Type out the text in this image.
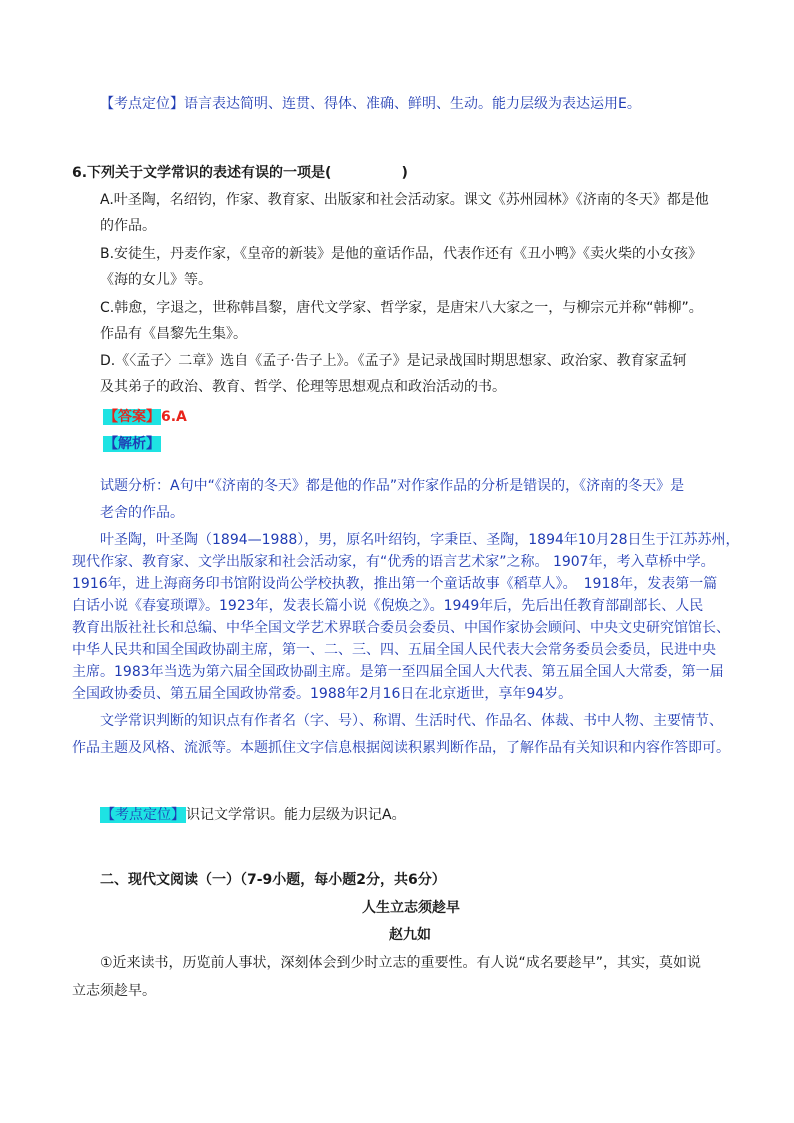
【考点定位】语言表达简明、连贯、得体、准确、鲜明、生动。能力层级为表达运用E。
6.下列关于文学常识的表述有误的一项是(　　　　　)
A.叶圣陶，名绍钧，作家、教育家、出版家和社会活动家。课文《苏州园林》《济南的冬天》都是他
的作品。
B.安徒生，丹麦作家，《皇帝的新装》是他的童话作品，代表作还有《丑小鸭》《卖火柴的小女孩》
《海的女儿》等。
C.韩愈，字退之，世称韩昌黎，唐代文学家、哲学家，是唐宋八大家之一，与柳宗元并称“韩柳”。
作品有《昌黎先生集》。
D.《〈孟子〉二章》选自《孟子·告子上》。《孟子》是记录战国时期思想家、政治家、教育家孟轲
及其弟子的政治、教育、哲学、伦理等思想观点和政治活动的书。
【答案】6.A
【解析】
试题分析：A句中“《济南的冬天》都是他的作品”对作家作品的分析是错误的，《济南的冬天》是
老舍的作品。
叶圣陶，叶圣陶（1894—1988），男，原名叶绍钧，字秉臣、圣陶，1894年10月28日生于江苏苏州，
现代作家、教育家、文学出版家和社会活动家，有“优秀的语言艺术家”之称。 1907年，考入草桥中学。
1916年，进上海商务印书馆附设尚公学校执教，推出第一个童话故事《稻草人》。　1918年，发表第一篇
白话小说《春宴琐谭》。1923年，发表长篇小说《倪焕之》。1949年后，先后出任教育部副部长、人民
教育出版社社长和总编、中华全国文学艺术界联合委员会委员、中国作家协会顾问、中央文史研究馆馆长、
中华人民共和国全国政协副主席，第一、二、三、四、五届全国人民代表大会常务委员会委员，民进中央
主席。1983年当选为第六届全国政协副主席。是第一至四届全国人大代表、第五届全国人大常委，第一届
全国政协委员、第五届全国政协常委。1988年2月16日在北京逝世，享年94岁。
文学常识判断的知识点有作者名（字、号）、称谓、生活时代、作品名、体裁、书中人物、主要情节、
作品主题及风格、流派等。本题抓住文字信息根据阅读积累判断作品，了解作品有关知识和内容作答即可。
【考点定位】识记文学常识。能力层级为识记A。
二、现代文阅读（一）（7-9小题，每小题2分，共6分）
人生立志须趁早
赵九如
①近来读书，历览前人事状，深刻体会到少时立志的重要性。有人说“成名要趁早”，其实，莫如说
立志须趁早。
